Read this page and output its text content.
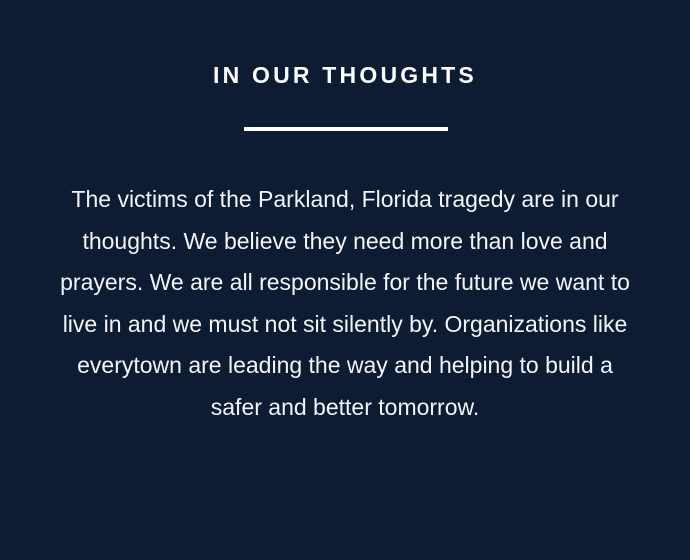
IN OUR THOUGHTS

The victims of the Parkland, Florida tragedy are in our thoughts. We believe they need more than love and prayers. We are all responsible for the future we want to live in and we must not sit silently by. Organizations like everytown are leading the way and helping to build a safer and better tomorrow.
